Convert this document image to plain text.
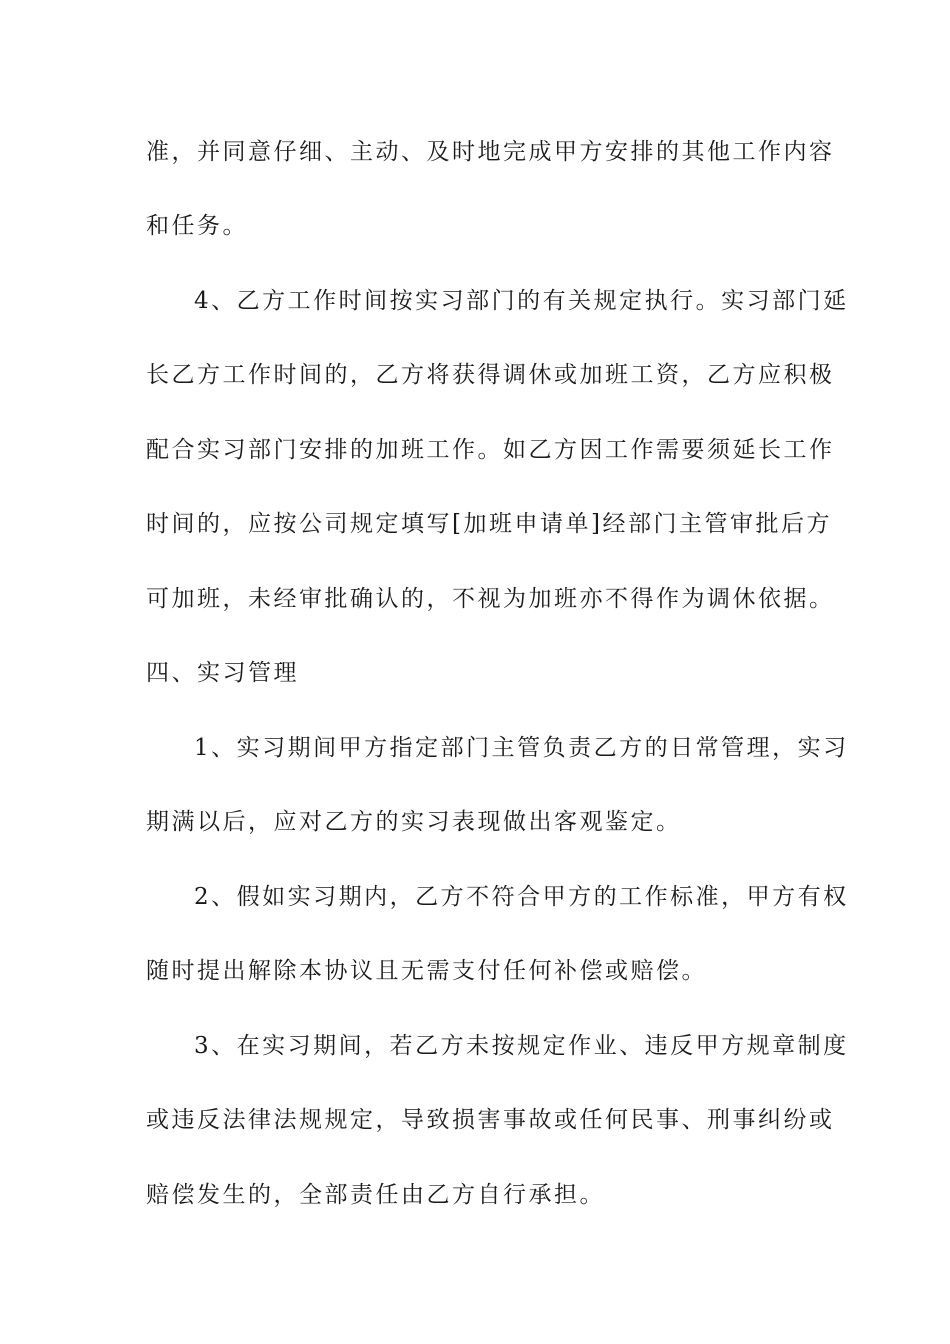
准，并同意仔细、主动、及时地完成甲方安排的其他工作内容
和任务。
4、乙方工作时间按实习部门的有关规定执行。实习部门延
长乙方工作时间的，乙方将获得调休或加班工资，乙方应积极
配合实习部门安排的加班工作。如乙方因工作需要须延长工作
时间的，应按公司规定填写[加班申请单]经部门主管审批后方
可加班，未经审批确认的，不视为加班亦不得作为调休依据。
四、实习管理
1、实习期间甲方指定部门主管负责乙方的日常管理，实习
期满以后，应对乙方的实习表现做出客观鉴定。
2、假如实习期内，乙方不符合甲方的工作标准，甲方有权
随时提出解除本协议且无需支付任何补偿或赔偿。
3、在实习期间，若乙方未按规定作业、违反甲方规章制度
或违反法律法规规定，导致损害事故或任何民事、刑事纠纷或
赔偿发生的，全部责任由乙方自行承担。
